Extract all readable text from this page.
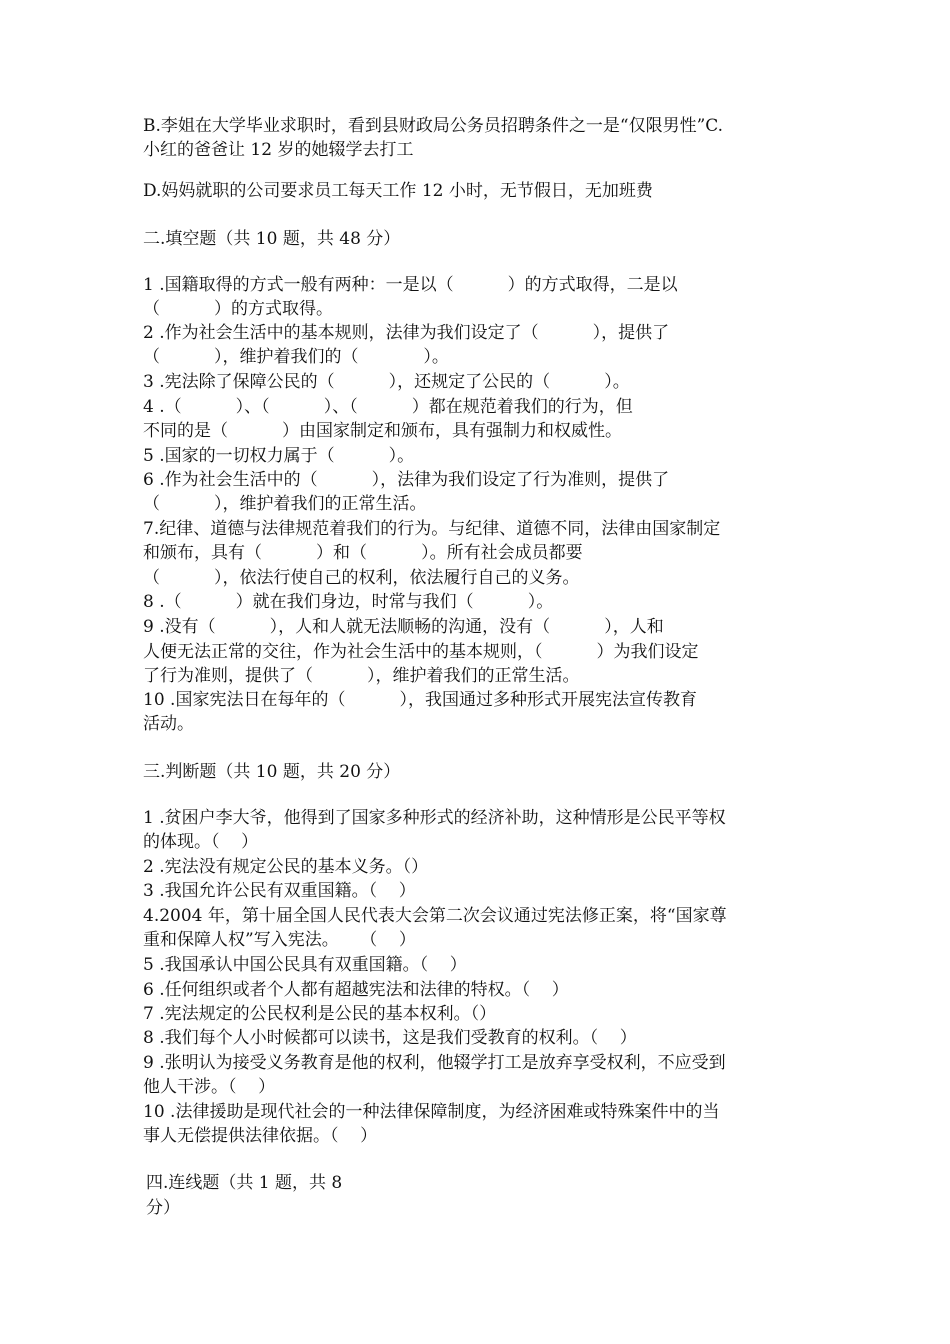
B.李姐在大学毕业求职时，看到县财政局公务员招聘条件之一是“仅限男性”C.
小红的爸爸让 12 岁的她辍学去打工
D.妈妈就职的公司要求员工每天工作 12 小时，无节假日，无加班费
二.填空题（共 10 题，共 48 分）
1 .国籍取得的方式一般有两种：一是以（          ）的方式取得，二是以
（          ）的方式取得。
2 .作为社会生活中的基本规则，法律为我们设定了（          ），提供了
（          ），维护着我们的（            ）。
3 .宪法除了保障公民的（          ），还规定了公民的（          ）。
4 .（          ）、（          ）、（          ）都在规范着我们的行为，但
不同的是（          ）由国家制定和颁布，具有强制力和权威性。
5 .国家的一切权力属于（          ）。
6 .作为社会生活中的（          ），法律为我们设定了行为准则，提供了
（          ），维护着我们的正常生活。
7.纪律、道德与法律规范着我们的行为。与纪律、道德不同，法律由国家制定
和颁布，具有（          ）和（          ）。所有社会成员都要
（          ），依法行使自己的权利，依法履行自己的义务。
8 .（          ）就在我们身边，时常与我们（          ）。
9 .没有（          ），人和人就无法顺畅的沟通，没有（          ），人和
人便无法正常的交往，作为社会生活中的基本规则，（          ）为我们设定
了行为准则，提供了（          ），维护着我们的正常生活。
10 .国家宪法日在每年的（          ），我国通过多种形式开展宪法宣传教育
活动。
三.判断题（共 10 题，共 20 分）
1 .贫困户李大爷，他得到了国家多种形式的经济补助，这种情形是公民平等权
的体现。（    ）
2 .宪法没有规定公民的基本义务。（）
3 .我国允许公民有双重国籍。（    ）
4.2004 年，第十届全国人民代表大会第二次会议通过宪法修正案，将“国家尊
重和保障人权”写入宪法。    （    ）
5 .我国承认中国公民具有双重国籍。（    ）
6 .任何组织或者个人都有超越宪法和法律的特权。（    ）
7 .宪法规定的公民权利是公民的基本权利。（）
8 .我们每个人小时候都可以读书，这是我们受教育的权利。（    ）
9 .张明认为接受义务教育是他的权利，他辍学打工是放弃享受权利，不应受到
他人干涉。（    ）
10 .法律援助是现代社会的一种法律保障制度，为经济困难或特殊案件中的当
事人无偿提供法律依据。（    ）
四.连线题（共 1 题，共 8
分）
